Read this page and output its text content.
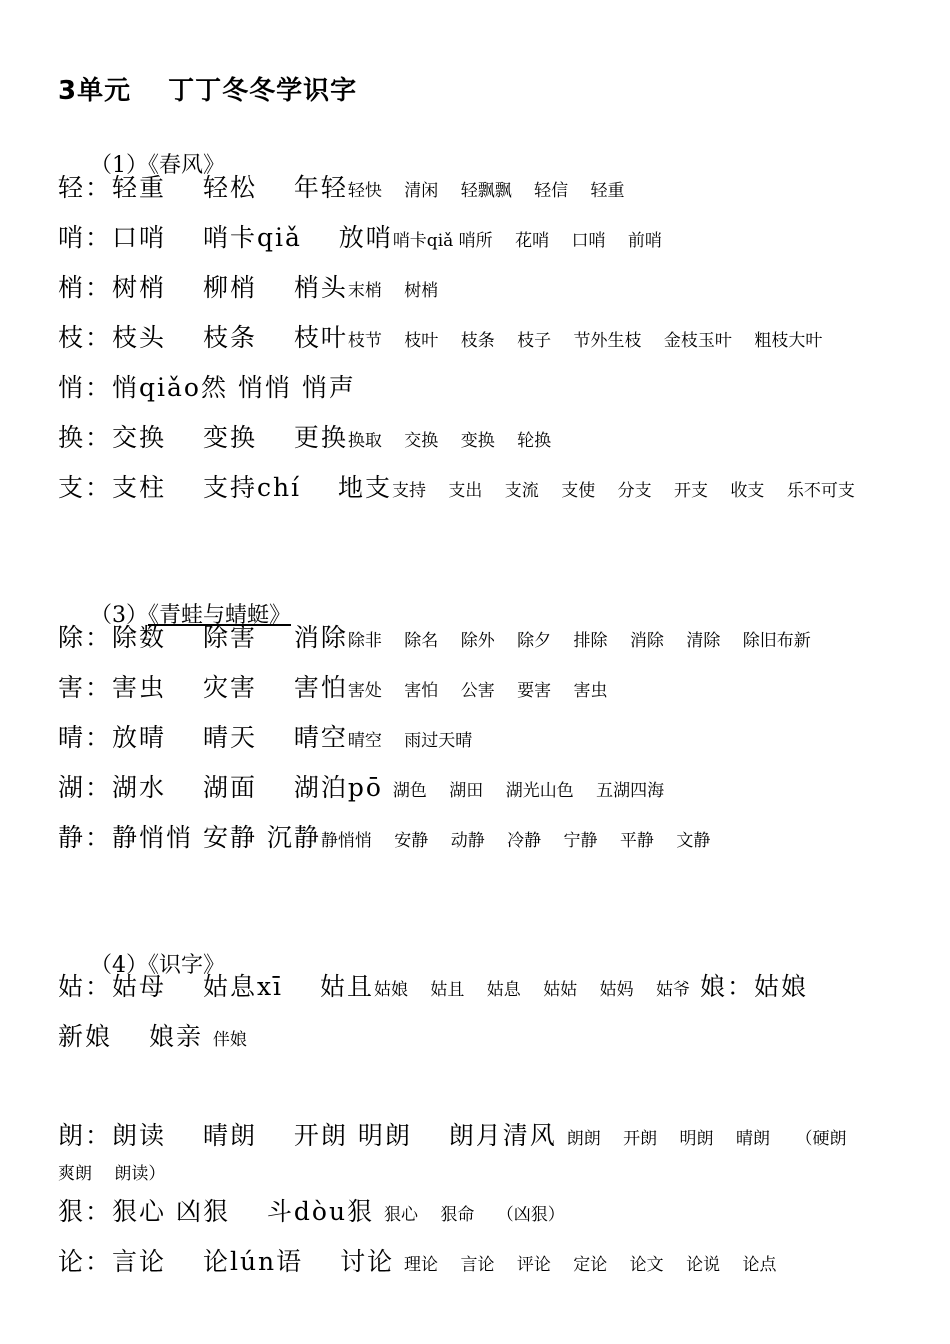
3单元　 丁丁冬冬学识字

（1）《春风》

轻：轻重　 轻松　 年轻轻快　 清闲　 轻飘飘　 轻信　 轻重
哨：口哨　 哨卡qiǎ　 放哨哨卡qiǎ 哨所　 花哨　 口哨　 前哨
梢：树梢　 柳梢　 梢头末梢　 树梢
枝：枝头　 枝条　 枝叶枝节　 枝叶　 枝条　 枝子　 节外生枝　 金枝玉叶　 粗枝大叶
悄：悄qiǎo然 悄悄 悄声
换：交换　 变换　 更换换取　 交换　 变换　 轮换
支：支柱　 支持chí　 地支支持　 支出　 支流　 支使　 分支　 开支　 收支　 乐不可支

（3）《青蛙与蜻蜓》

除：除数　 除害　 消除除非　 除名　 除外　 除夕　 排除　 消除　 清除　 除旧布新
害：害虫　 灾害　 害怕害处　 害怕　 公害　 要害　 害虫
晴：放晴　 晴天　 晴空晴空　 雨过天晴
湖：湖水　 湖面　 湖泊pō 湖色　 湖田　 湖光山色　 五湖四海
静：静悄悄 安静 沉静静悄悄　 安静　 动静　 冷静　 宁静　 平静　 文静

（4）《识字》

姑：姑母　 姑息xī　 姑且姑娘　 姑且　 姑息　 姑姑　 姑妈　 姑爷 娘：姑娘
新娘　 娘亲 伴娘
朗：朗读　 晴朗　 开朗 明朗　 朗月清风 朗朗　 开朗　 明朗　 晴朗　　（硬朗
爽朗　 朗读）
狠：狠心 凶狠　 斗dòu狠 狠心　 狠命　 （凶狠）
论：言论　 论lún语　 讨论 理论　 言论　 评论　 定论　 论文　 论说　 论点
